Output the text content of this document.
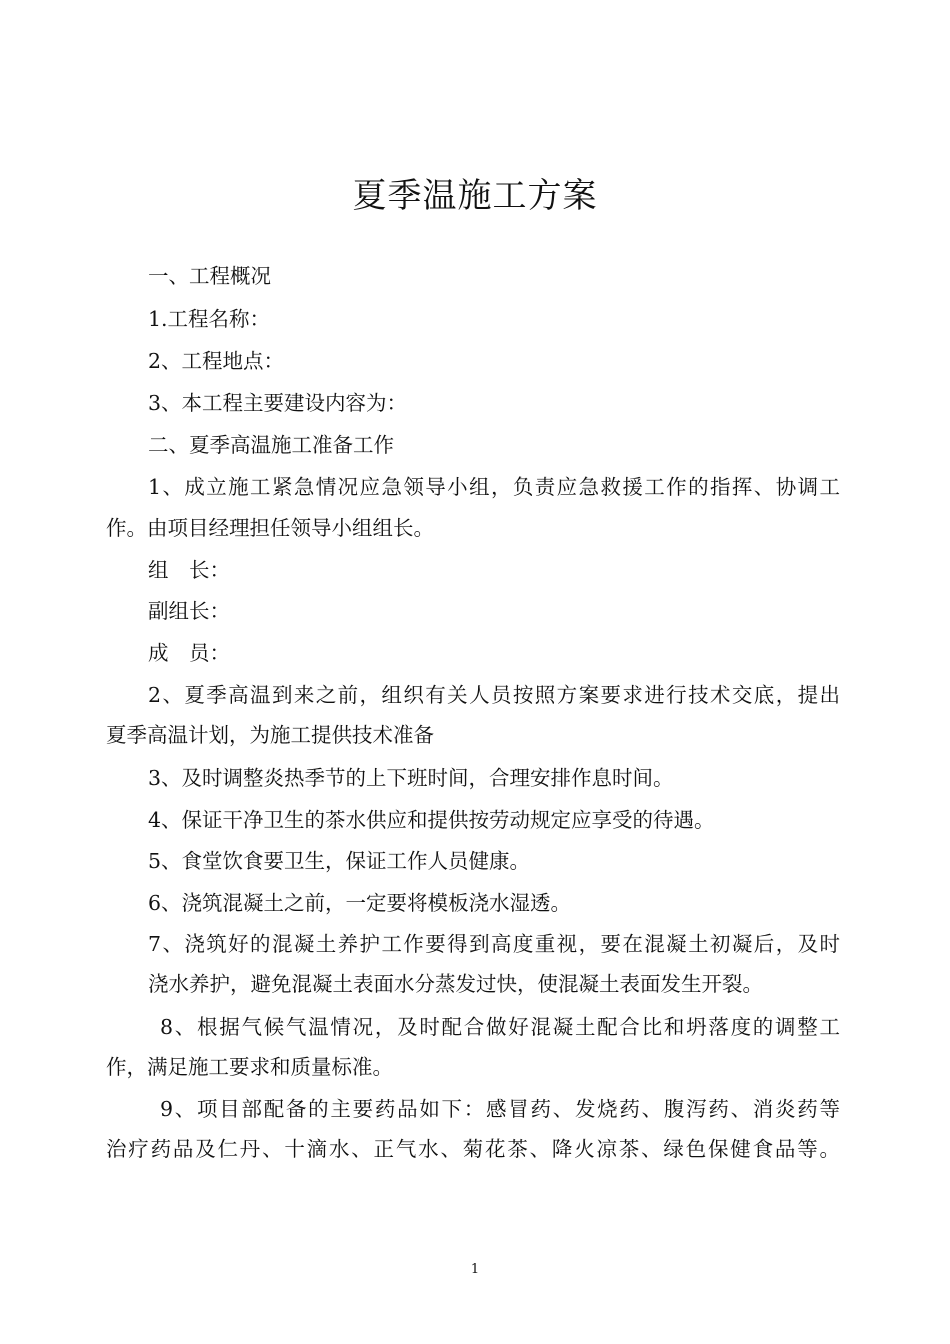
夏季温施工方案
一、工程概况
1.工程名称：
2、工程地点：
3、本工程主要建设内容为：
二、夏季高温施工准备工作
1、成立施工紧急情况应急领导小组，负责应急救援工作的指挥、协调工
作。由项目经理担任领导小组组长。
组　长：
副组长：
成　员：
2、夏季高温到来之前，组织有关人员按照方案要求进行技术交底，提出
夏季高温计划，为施工提供技术准备
3、及时调整炎热季节的上下班时间，合理安排作息时间。
4、保证干净卫生的茶水供应和提供按劳动规定应享受的待遇。
5、食堂饮食要卫生，保证工作人员健康。
6、浇筑混凝土之前，一定要将模板浇水湿透。
7、浇筑好的混凝土养护工作要得到高度重视，要在混凝土初凝后，及时
浇水养护，避免混凝土表面水分蒸发过快，使混凝土表面发生开裂。
8、根据气候气温情况，及时配合做好混凝土配合比和坍落度的调整工
作，满足施工要求和质量标准。
9、项目部配备的主要药品如下：感冒药、发烧药、腹泻药、消炎药等
治疗药品及仁丹、十滴水、正气水、菊花茶、降火凉茶、绿色保健食品等。
1
